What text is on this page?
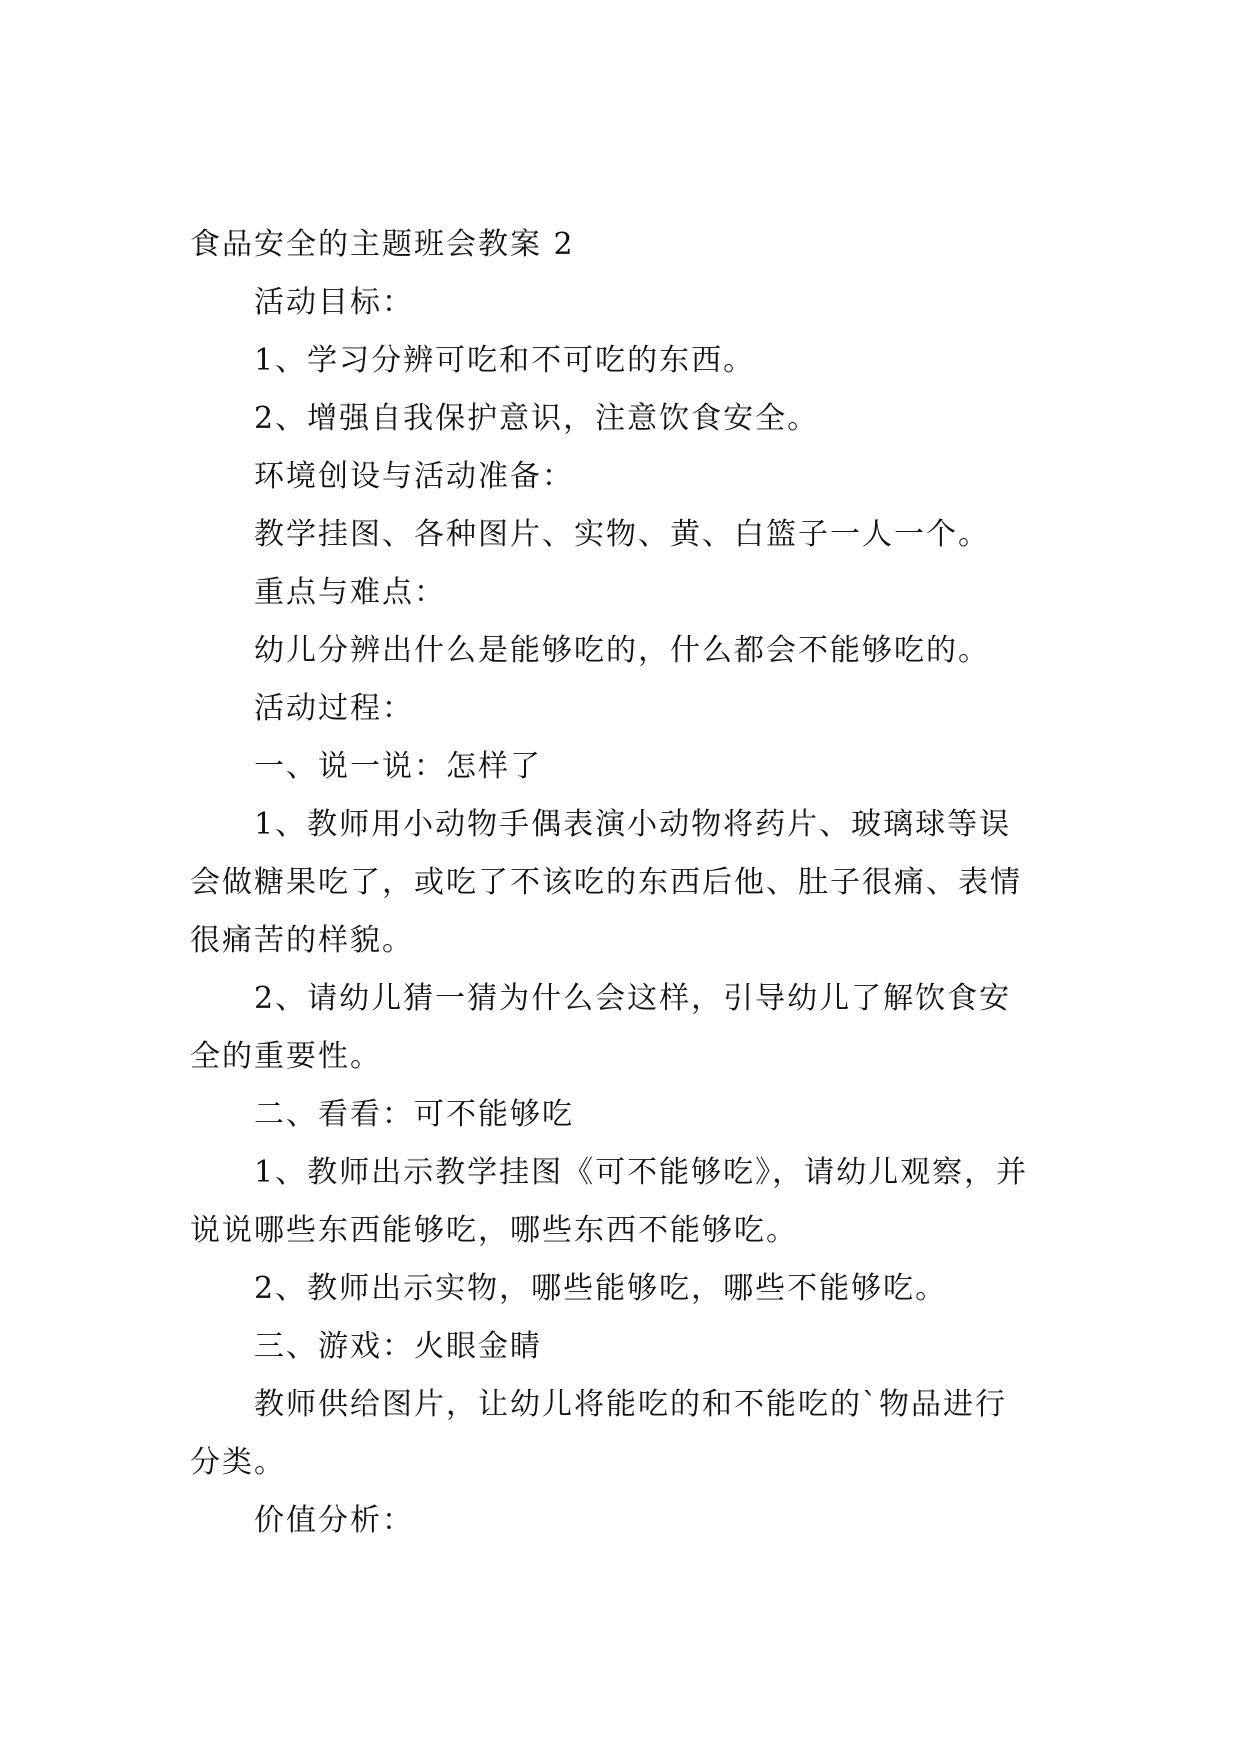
食品安全的主题班会教案 2

活动目标：

1、学习分辨可吃和不可吃的东西。

2、增强自我保护意识，注意饮食安全。

环境创设与活动准备：

教学挂图、各种图片、实物、黄、白篮子一人一个。

重点与难点：

幼儿分辨出什么是能够吃的，什么都会不能够吃的。

活动过程：

一、说一说：怎样了

1、教师用小动物手偶表演小动物将药片、玻璃球等误

会做糖果吃了，或吃了不该吃的东西后他、肚子很痛、表情

很痛苦的样貌。

2、请幼儿猜一猜为什么会这样，引导幼儿了解饮食安

全的重要性。

二、看看：可不能够吃

1、教师出示教学挂图《可不能够吃》，请幼儿观察，并

说说哪些东西能够吃，哪些东西不能够吃。

2、教师出示实物，哪些能够吃，哪些不能够吃。

三、游戏：火眼金睛

教师供给图片，让幼儿将能吃的和不能吃的`物品进行

分类。

价值分析：
